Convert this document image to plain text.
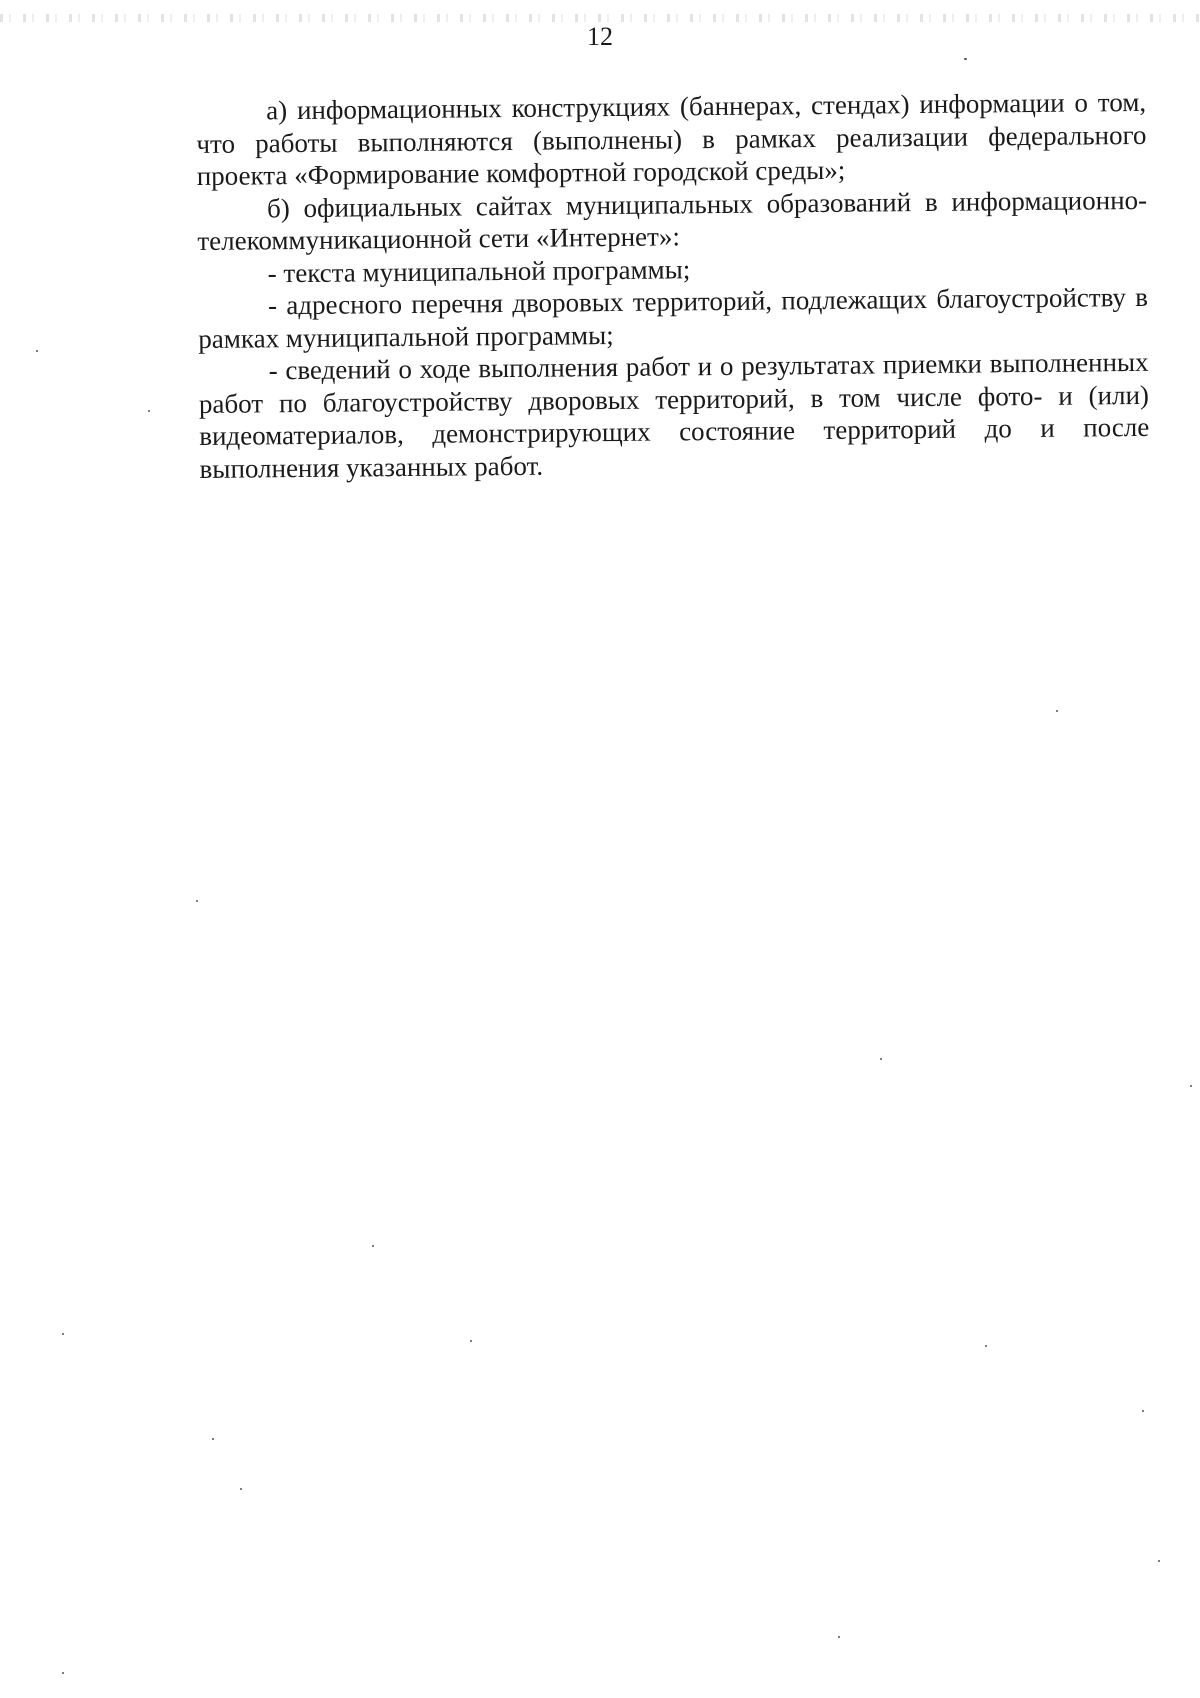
12

а) информационных конструкциях (баннерах, стендах) информации о том, что работы выполняются (выполнены) в рамках реализации федерального проекта «Формирование комфортной городской среды»;

б) официальных сайтах муниципальных образований в информационно-телекоммуникационной сети «Интернет»:

- текста муниципальной программы;

- адресного перечня дворовых территорий, подлежащих благоустройству в рамках муниципальной программы;

- сведений о ходе выполнения работ и о результатах приемки выполненных работ по благоустройству дворовых территорий, в том числе фото- и (или) видеоматериалов, демонстрирующих состояние территорий до и после выполнения указанных работ.
